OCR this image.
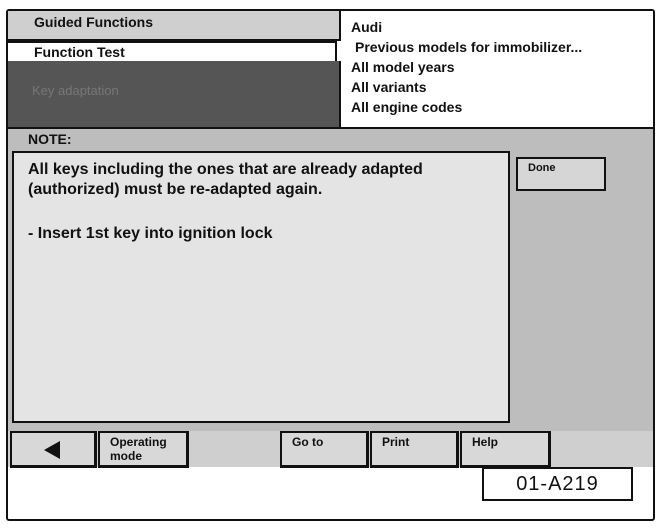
Guided Functions
Function Test
Key adaptation
Audi
Previous models for immobilizer...
All model years
All variants
All engine codes
NOTE:
All keys including the ones that are already adapted
(authorized) must be re-adapted again.
- Insert 1st key into ignition lock
Done
Operating
mode
Go to	Print	Help
01-A219
